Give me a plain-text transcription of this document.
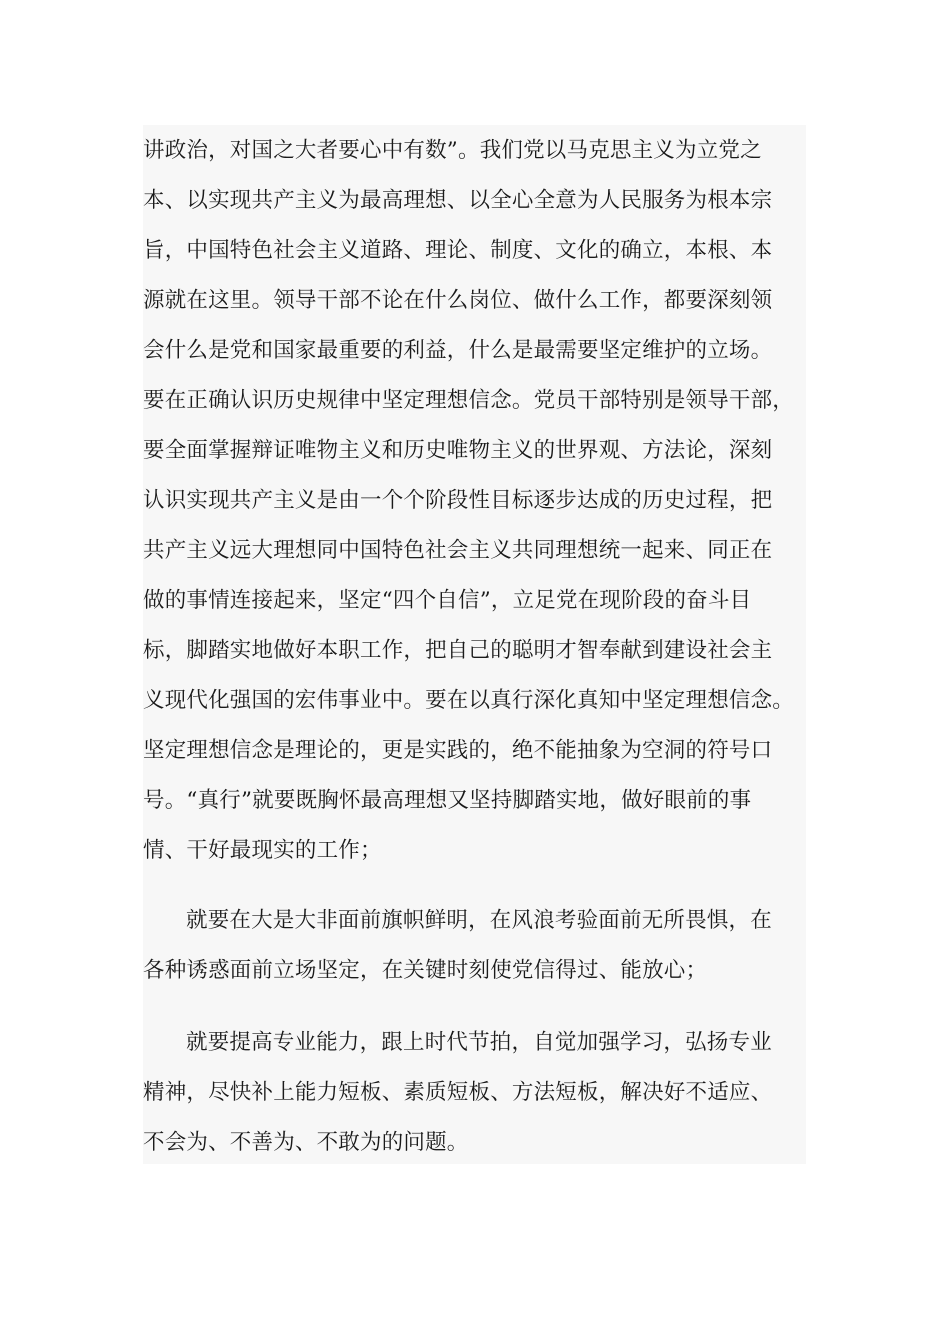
讲政治，对国之大者要心中有数”。我们党以马克思主义为立党之
本、以实现共产主义为最高理想、以全心全意为人民服务为根本宗
旨，中国特色社会主义道路、理论、制度、文化的确立，本根、本
源就在这里。领导干部不论在什么岗位、做什么工作，都要深刻领
会什么是党和国家最重要的利益，什么是最需要坚定维护的立场。
要在正确认识历史规律中坚定理想信念。党员干部特别是领导干部，
要全面掌握辩证唯物主义和历史唯物主义的世界观、方法论，深刻
认识实现共产主义是由一个个阶段性目标逐步达成的历史过程，把
共产主义远大理想同中国特色社会主义共同理想统一起来、同正在
做的事情连接起来，坚定“四个自信”，立足党在现阶段的奋斗目
标，脚踏实地做好本职工作，把自己的聪明才智奉献到建设社会主
义现代化强国的宏伟事业中。要在以真行深化真知中坚定理想信念。
坚定理想信念是理论的，更是实践的，绝不能抽象为空洞的符号口
号。“真行”就要既胸怀最高理想又坚持脚踏实地，做好眼前的事
情、干好最现实的工作；
就要在大是大非面前旗帜鲜明，在风浪考验面前无所畏惧，在
各种诱惑面前立场坚定，在关键时刻使党信得过、能放心；
就要提高专业能力，跟上时代节拍，自觉加强学习，弘扬专业
精神，尽快补上能力短板、素质短板、方法短板，解决好不适应、
不会为、不善为、不敢为的问题。
